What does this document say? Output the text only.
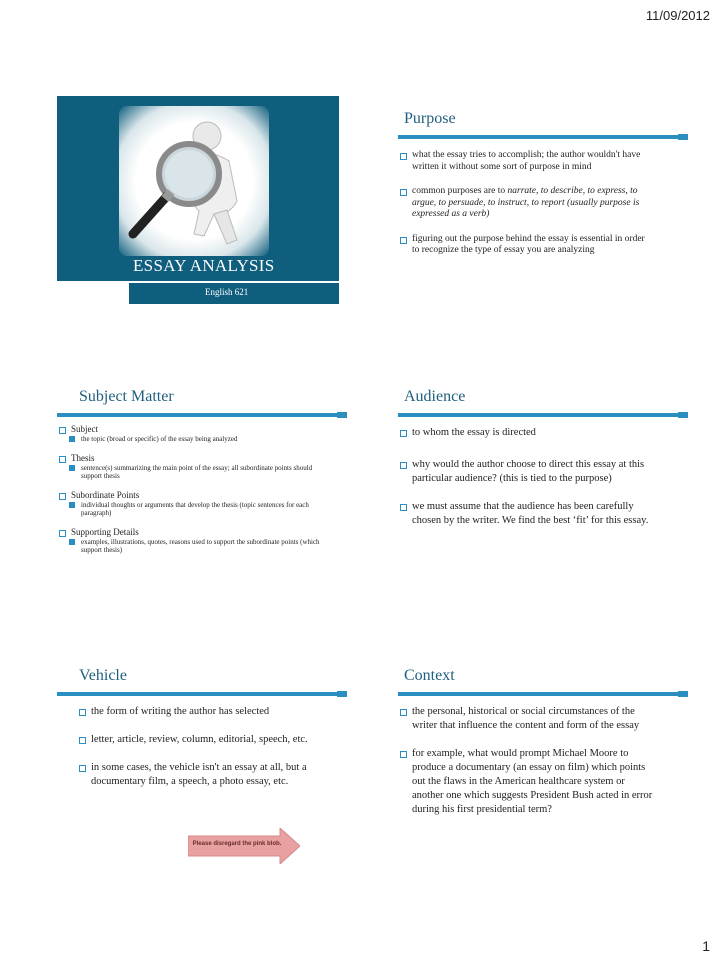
11/09/2012
ESSAY ANALYSIS
English 621
Purpose
what the essay tries to accomplish; the author wouldn't have written it without some sort of purpose in mind
common purposes are to narrate, to describe, to express, to argue, to persuade, to instruct, to report (usually purpose is expressed as a verb)
figuring out the purpose behind the essay is essential in order to recognize the type of essay you are analyzing
Subject Matter
Subject
the topic (broad or specific) of the essay being analyzed
Thesis
sentence(s) summarizing the main point of the essay; all subordinate points should support thesis
Subordinate Points
individual thoughts or arguments that develop the thesis (topic sentences for each paragraph)
Supporting Details
examples, illustrations, quotes, reasons used to support the subordinate points (which support thesis)
Audience
to whom the essay is directed
why would the author choose to direct this essay at this particular audience? (this is tied to the purpose)
we must assume that the audience has been carefully chosen by the writer. We find the best ‘fit’ for this essay.
Vehicle
the form of writing the author has selected
letter, article, review, column, editorial, speech, etc.
in some cases, the vehicle isn't an essay at all, but a documentary film, a speech, a photo essay, etc.
Please disregard the pink blob.
Context
the personal, historical or social circumstances of the writer that influence the content and form of the essay
for example, what would prompt Michael Moore to produce a documentary (an essay on film) which points out the flaws in the American healthcare system or another one which suggests President Bush acted in error during his first presidential term?
1
